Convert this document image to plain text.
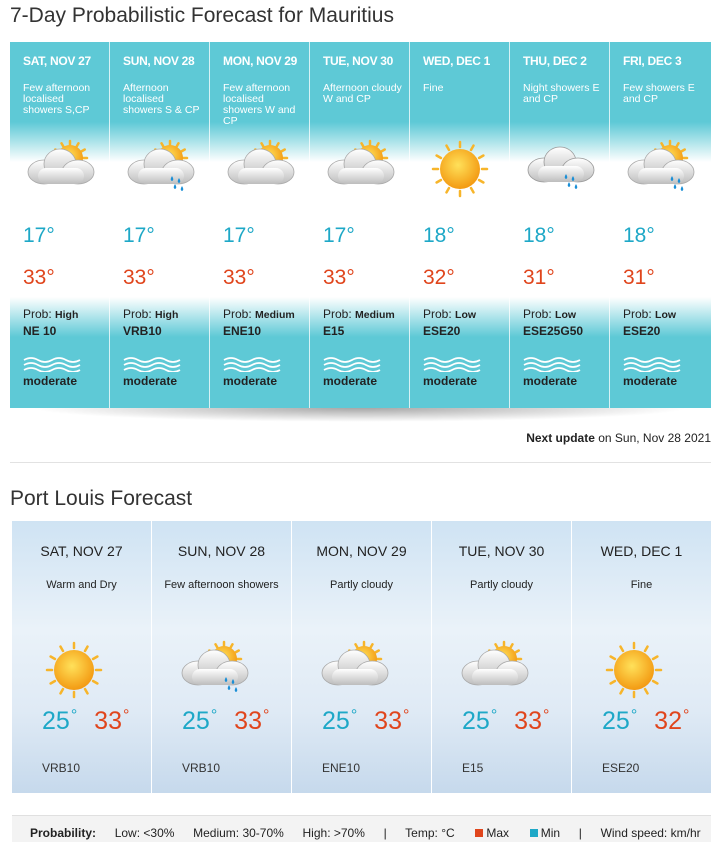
7-Day Probabilistic Forecast for Mauritius
SAT, NOV 27
Few afternoon localised showers S,CP
17°
33°
Prob: High
NE 10
moderate
SUN, NOV 28
Afternoon localised showers S & CP
17°
33°
Prob: High
VRB10
moderate
MON, NOV 29
Few afternoon localised showers W and CP
17°
33°
Prob: Medium
ENE10
moderate
TUE, NOV 30
Afternoon cloudy W and CP
17°
33°
Prob: Medium
E15
moderate
WED, DEC 1
Fine
18°
32°
Prob: Low
ESE20
moderate
THU, DEC 2
Night showers E and CP
18°
31°
Prob: Low
ESE25G50
moderate
FRI, DEC 3
Few showers E and CP
18°
31°
Prob: Low
ESE20
moderate
Next update on Sun, Nov 28 2021
Port Louis Forecast
SAT, NOV 27
Warm and Dry
25° 33°
VRB10
SUN, NOV 28
Few afternoon showers
25° 33°
VRB10
MON, NOV 29
Partly cloudy
25° 33°
ENE10
TUE, NOV 30
Partly cloudy
25° 33°
E15
WED, DEC 1
Fine
25° 32°
ESE20
Probability: Low: <30% Medium: 30-70% High: >70% | Temp: °C	Max	Min | Wind speed: km/hr
